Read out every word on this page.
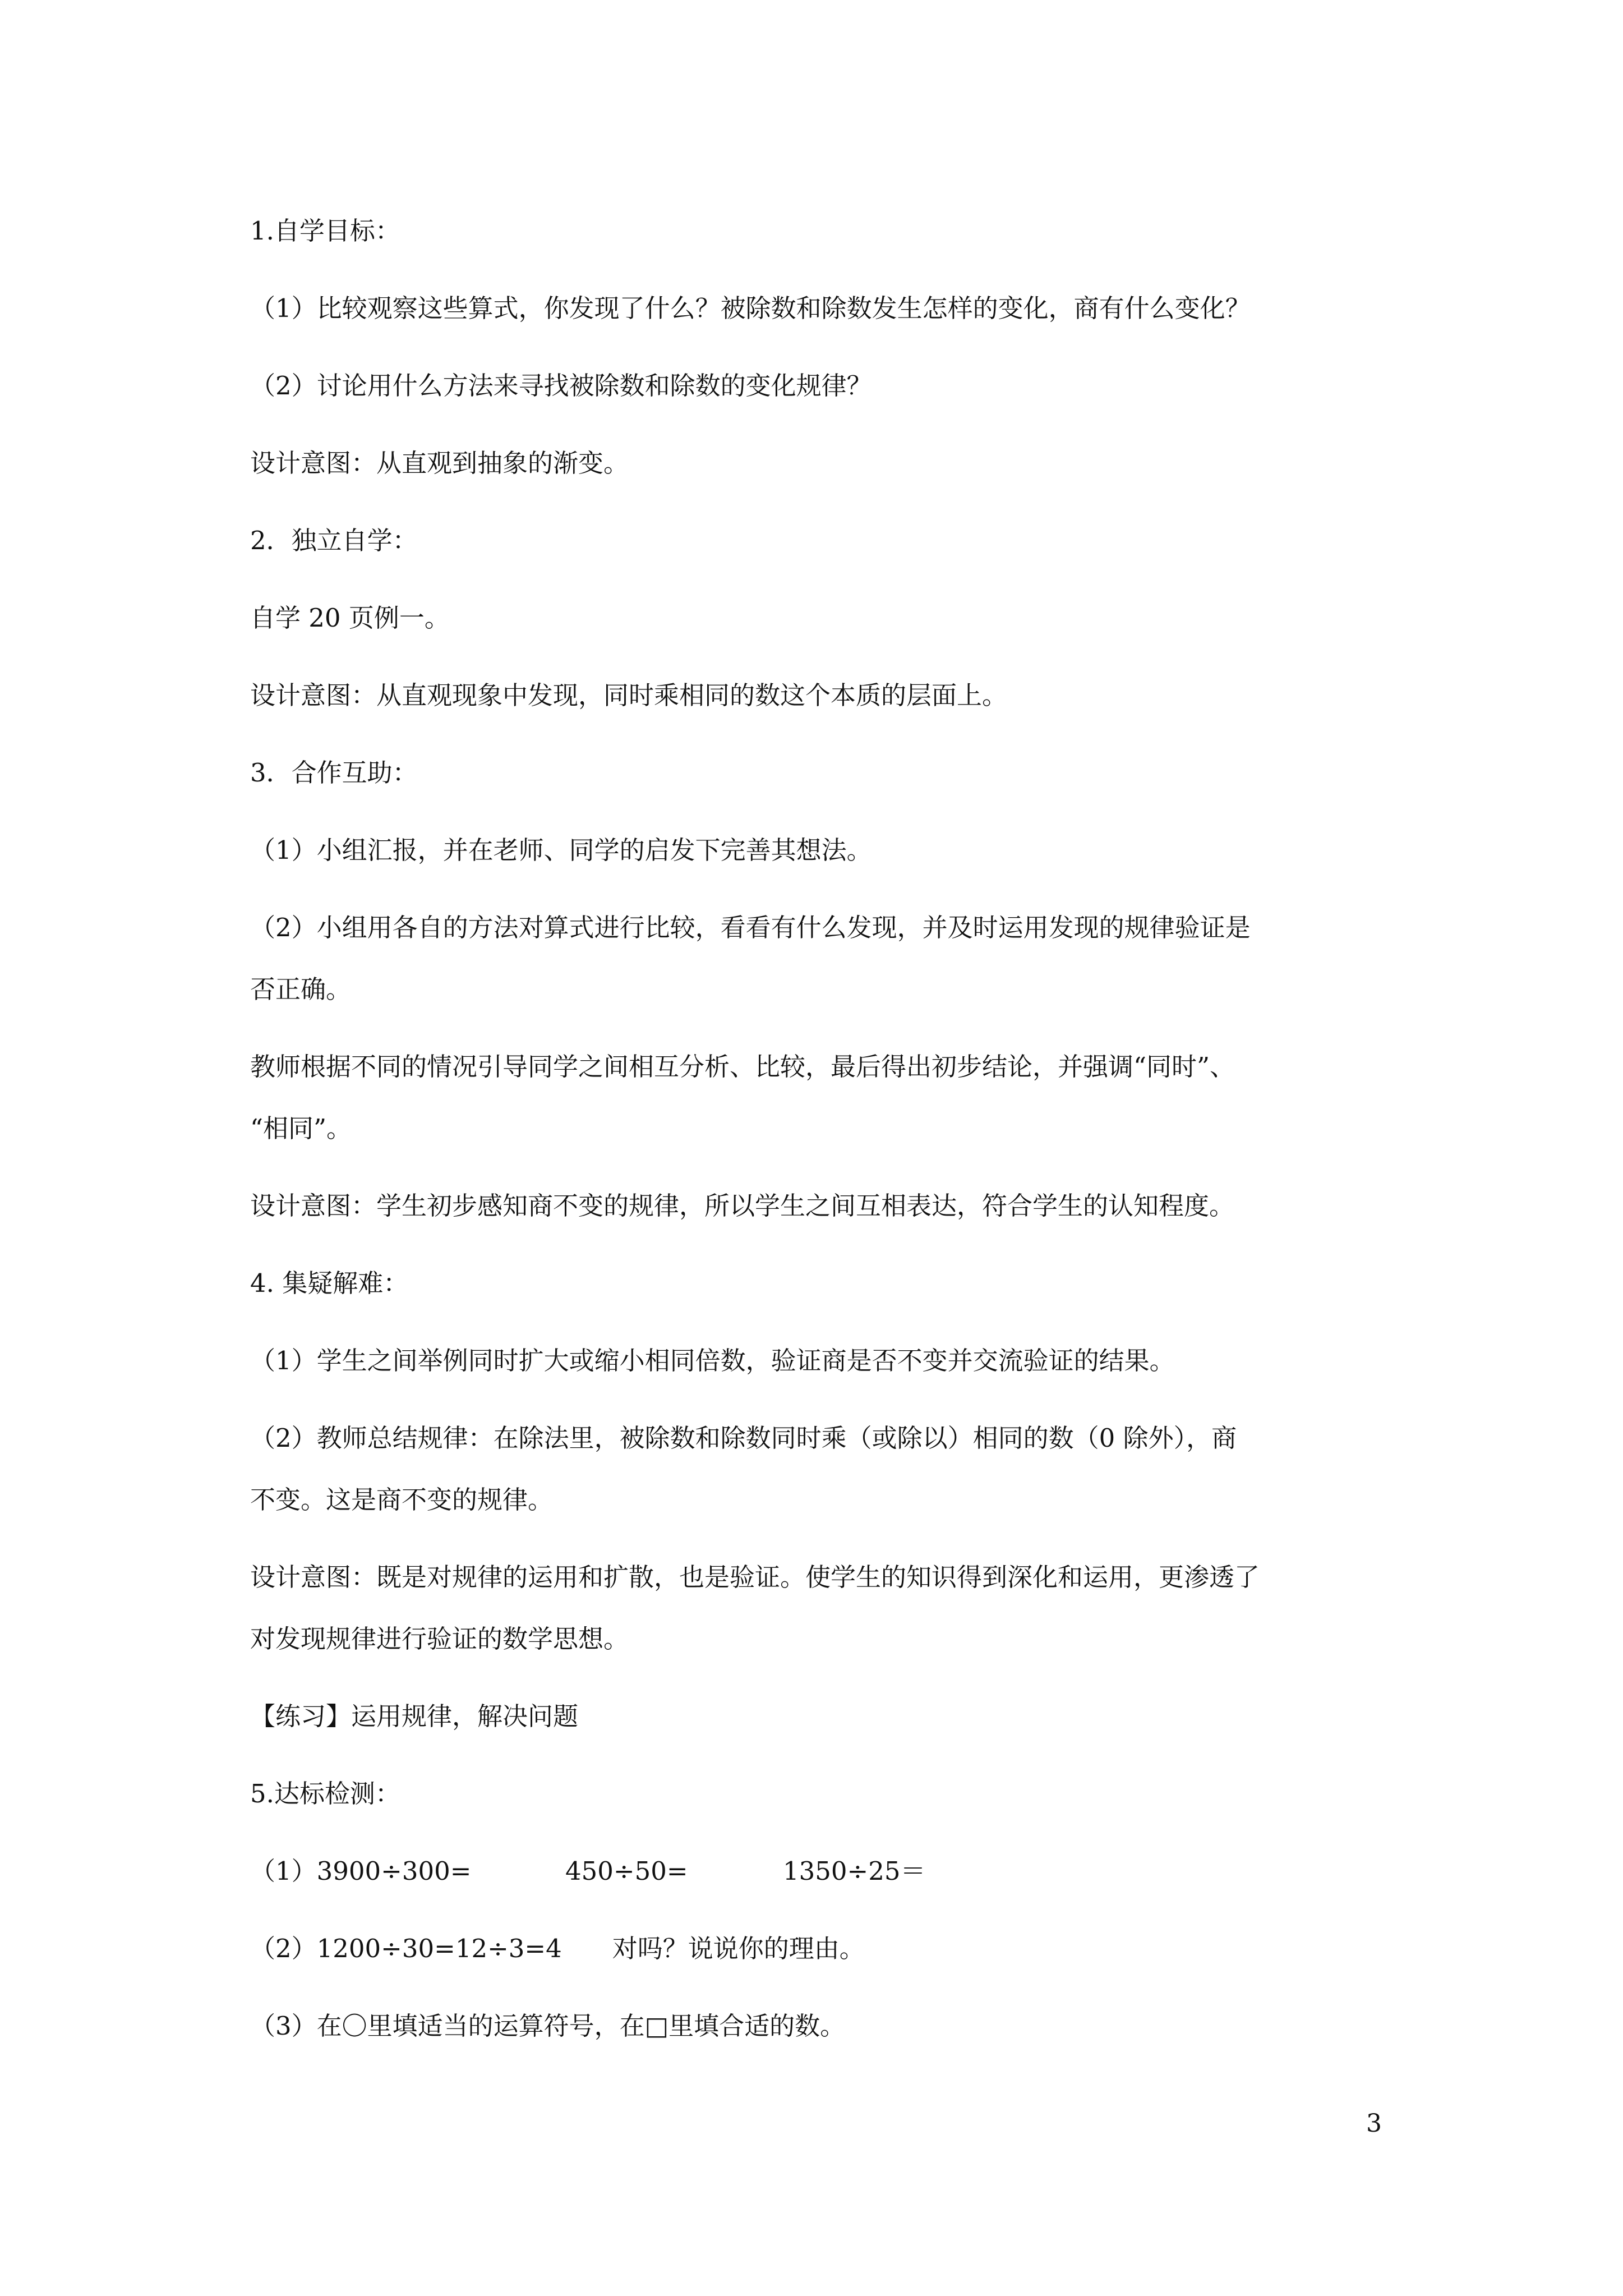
1.自学目标：
（1）比较观察这些算式，你发现了什么？被除数和除数发生怎样的变化，商有什么变化？
（2）讨论用什么方法来寻找被除数和除数的变化规律？
设计意图：从直观到抽象的渐变。
2．独立自学：
自学 20 页例一。
设计意图：从直观现象中发现，同时乘相同的数这个本质的层面上。
3．合作互助：
（1）小组汇报，并在老师、同学的启发下完善其想法。
（2）小组用各自的方法对算式进行比较，看看有什么发现，并及时运用发现的规律验证是
否正确。
教师根据不同的情况引导同学之间相互分析、比较，最后得出初步结论，并强调“同时”、
“相同”。
设计意图：学生初步感知商不变的规律，所以学生之间互相表达，符合学生的认知程度。
4. 集疑解难：
（1）学生之间举例同时扩大或缩小相同倍数，验证商是否不变并交流验证的结果。
（2）教师总结规律：在除法里，被除数和除数同时乘（或除以）相同的数（0 除外），商
不变。这是商不变的规律。
设计意图：既是对规律的运用和扩散，也是验证。使学生的知识得到深化和运用，更渗透了
对发现规律进行验证的数学思想。
【练习】运用规律，解决问题
5.达标检测：
（1）3900÷300=	450÷50=	1350÷25＝
（2）1200÷30=12÷3=4　　对吗？说说你的理由。
（3）在〇里填适当的运算符号，在□里填合适的数。
3
